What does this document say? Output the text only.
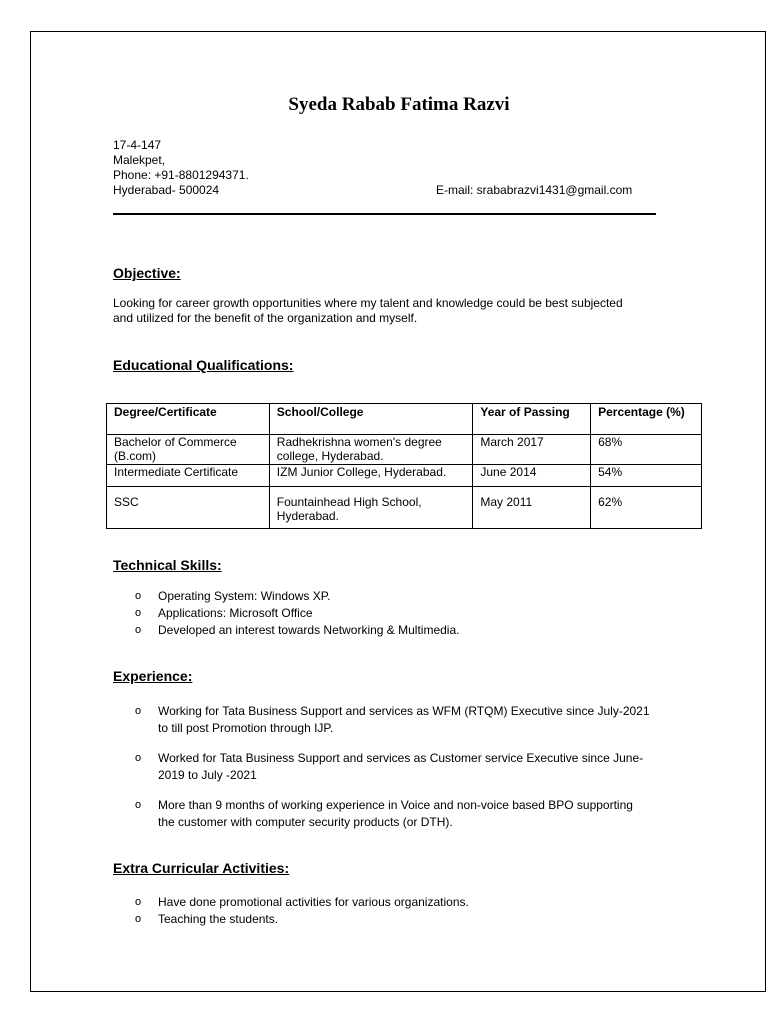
Syeda Rabab Fatima Razvi
17-4-147
Malekpet,
Phone: +91-8801294371.
Hyderabad- 500024	E-mail: srababrazvi1431@gmail.com
Objective:
Looking for career growth opportunities where my talent and knowledge could be best subjected
and utilized for the benefit of the organization and myself.
Educational Qualifications:
Degree/Certificate	School/College	Year of Passing	Percentage (%)
Bachelor of Commerce (B.com)	Radhekrishna women's degree college, Hyderabad.	March 2017	68%
Intermediate Certificate	IZM Junior College, Hyderabad.	June 2014	54%
SSC	Fountainhead High School, Hyderabad.	May 2011	62%
Technical Skills:
o Operating System: Windows XP.
o Applications: Microsoft Office
o Developed an interest towards Networking & Multimedia.
Experience:
o Working for Tata Business Support and services as WFM (RTQM) Executive since July-2021 to till post Promotion through IJP.
o Worked for Tata Business Support and services as Customer service Executive since June- 2019 to July -2021
o More than 9 months of working experience in Voice and non-voice based BPO supporting the customer with computer security products (or DTH).
Extra Curricular Activities:
o Have done promotional activities for various organizations.
o Teaching the students.
